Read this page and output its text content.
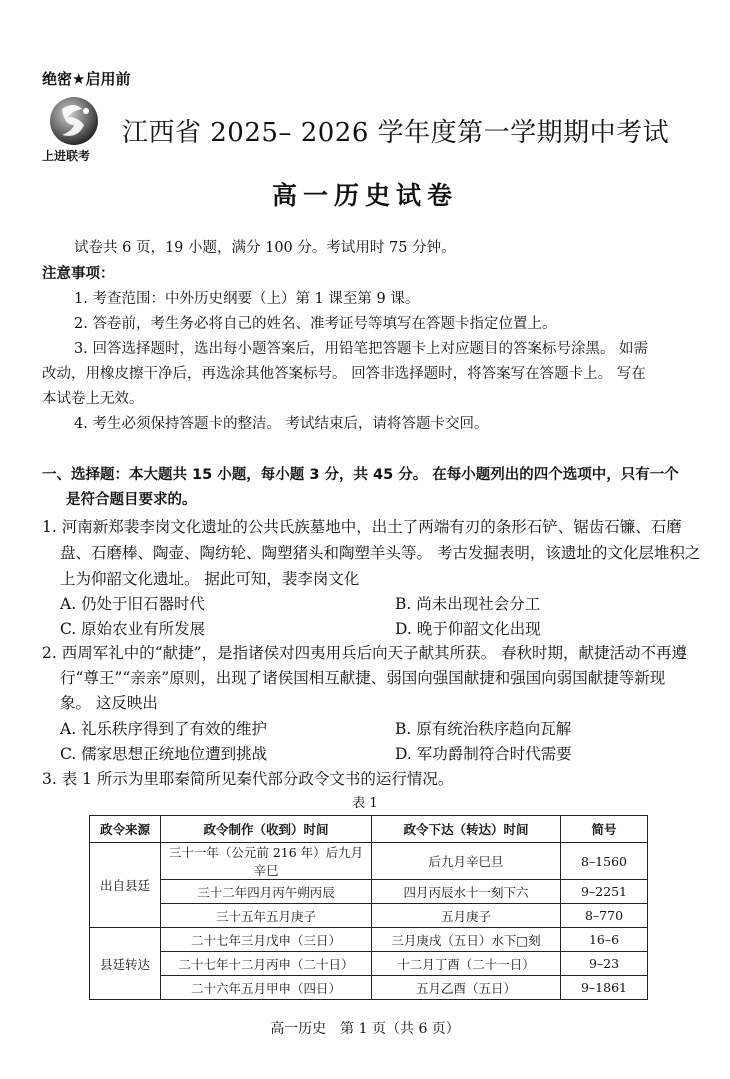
绝密★启用前
上进联考
江西省 2025– 2026 学年度第一学期期中考试
高一历史试卷
试卷共 6 页，19 小题，满分 100 分。考试用时 75 分钟。
注意事项：
1. 考查范围：中外历史纲要（上）第 1 课至第 9 课。
2. 答卷前，考生务必将自己的姓名、准考证号等填写在答题卡指定位置上。
3. 回答选择题时，选出每小题答案后，用铅笔把答题卡上对应题目的答案标号涂黑。 如需
改动，用橡皮擦干净后，再选涂其他答案标号。 回答非选择题时，将答案写在答题卡上。 写在
本试卷上无效。
4. 考生必须保持答题卡的整洁。 考试结束后，请将答题卡交回。
一、选择题：本大题共 15 小题，每小题 3 分，共 45 分。 在每小题列出的四个选项中，只有一个
是符合题目要求的。
1. 河南新郑裴李岗文化遗址的公共氏族墓地中，出土了两端有刃的条形石铲、锯齿石镰、石磨
盘、石磨棒、陶壶、陶纺轮、陶塑猪头和陶塑羊头等。 考古发掘表明，该遗址的文化层堆积之
上为仰韶文化遗址。 据此可知，裴李岗文化
A. 仍处于旧石器时代	B. 尚未出现社会分工
C. 原始农业有所发展	D. 晚于仰韶文化出现
2. 西周军礼中的“献捷”，是指诸侯对四夷用兵后向天子献其所获。 春秋时期，献捷活动不再遵
行“尊王”“亲亲”原则，出现了诸侯国相互献捷、弱国向强国献捷和强国向弱国献捷等新现
象。 这反映出
A. 礼乐秩序得到了有效的维护	B. 原有统治秩序趋向瓦解
C. 儒家思想正统地位遭到挑战	D. 军功爵制符合时代需要
3. 表 1 所示为里耶秦简所见秦代部分政令文书的运行情况。
表 1
政令来源	政令制作（收到）时间	政令下达（转达）时间	简号
出自县廷	三十一年（公元前 216 年）后九月辛巳	后九月辛巳旦	8–1560
	三十二年四月丙午朔丙辰	四月丙辰水十一刻下六	9–2251
	三十五年五月庚子	五月庚子	8–770
县廷转达	二十七年三月戊申（三日）	三月庚戌（五日）水下□刻	16–6
	二十七年十二月丙申（二十日）	十二月丁酉（二十一日）	9–23
	二十六年五月甲申（四日）	五月乙酉（五日）	9–1861
高一历史　第 1 页（共 6 页）
